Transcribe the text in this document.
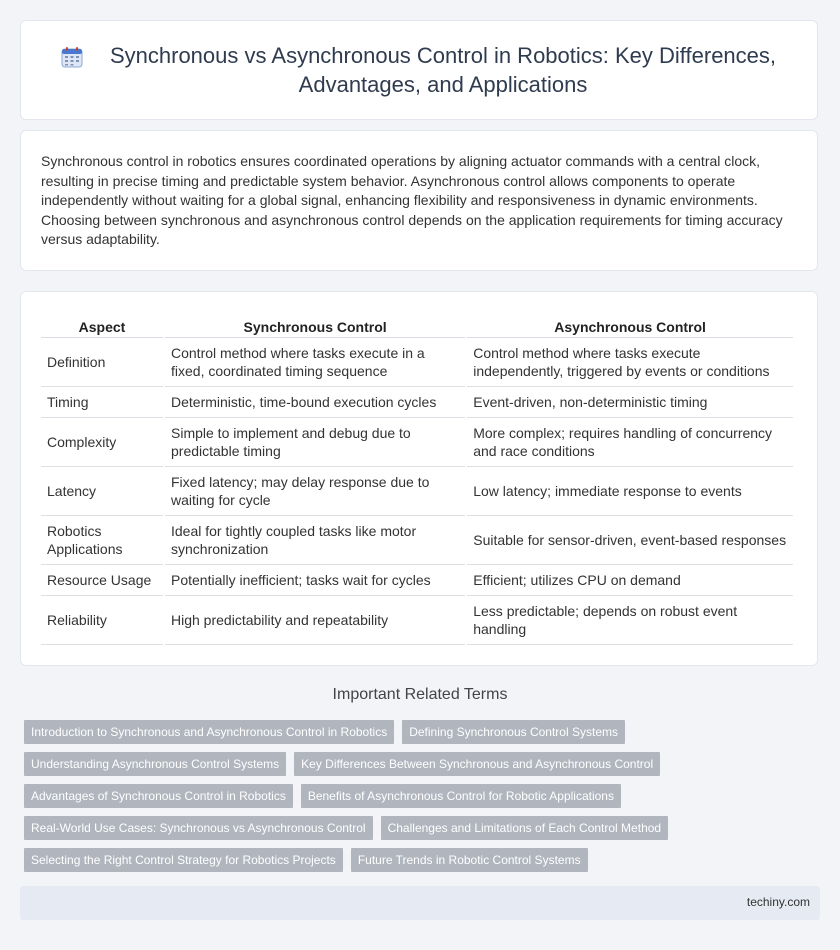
Synchronous vs Asynchronous Control in Robotics: Key Differences, Advantages, and Applications

Synchronous control in robotics ensures coordinated operations by aligning actuator commands with a central clock, resulting in precise timing and predictable system behavior. Asynchronous control allows components to operate independently without waiting for a global signal, enhancing flexibility and responsiveness in dynamic environments. Choosing between synchronous and asynchronous control depends on the application requirements for timing accuracy versus adaptability.

Aspect	Synchronous Control	Asynchronous Control
Definition	Control method where tasks execute in a fixed, coordinated timing sequence	Control method where tasks execute independently, triggered by events or conditions
Timing	Deterministic, time-bound execution cycles	Event-driven, non-deterministic timing
Complexity	Simple to implement and debug due to predictable timing	More complex; requires handling of concurrency and race conditions
Latency	Fixed latency; may delay response due to waiting for cycle	Low latency; immediate response to events
Robotics Applications	Ideal for tightly coupled tasks like motor synchronization	Suitable for sensor-driven, event-based responses
Resource Usage	Potentially inefficient; tasks wait for cycles	Efficient; utilizes CPU on demand
Reliability	High predictability and repeatability	Less predictable; depends on robust event handling
Important Related Terms
Introduction to Synchronous and Asynchronous Control in Robotics	Defining Synchronous Control Systems
Understanding Asynchronous Control Systems	Key Differences Between Synchronous and Asynchronous Control
Advantages of Synchronous Control in Robotics	Benefits of Asynchronous Control for Robotic Applications
Real-World Use Cases: Synchronous vs Asynchronous Control	Challenges and Limitations of Each Control Method
Selecting the Right Control Strategy for Robotics Projects	Future Trends in Robotic Control Systems
techiny.com
